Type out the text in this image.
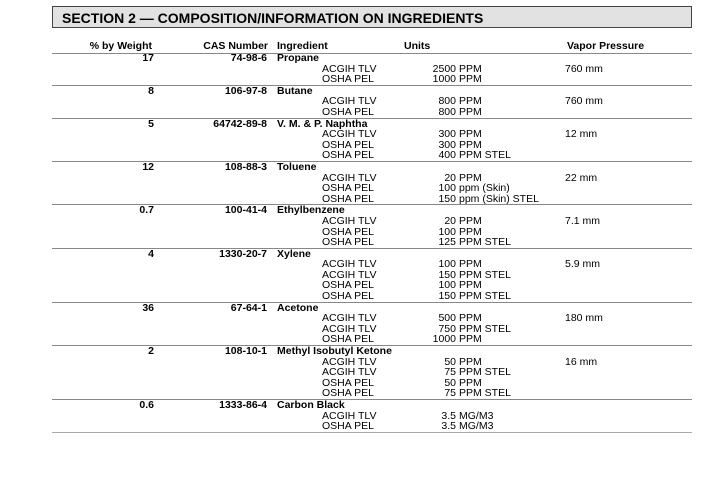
SECTION 2 — COMPOSITION/INFORMATION ON INGREDIENTS
% by Weight	CAS Number Ingredient	Units	Vapor Pressure
17	74-98-6 Propane
ACGIH TLV	2500 PPM	760 mm
OSHA PEL	1000 PPM
8	106-97-8 Butane
ACGIH TLV	800 PPM	760 mm
OSHA PEL	800 PPM
5	64742-89-8 V. M. & P. Naphtha
ACGIH TLV	300 PPM	12 mm
OSHA PEL	300 PPM
OSHA PEL	400 PPM STEL
12	108-88-3 Toluene
ACGIH TLV	20 PPM	22 mm
OSHA PEL	100 ppm (Skin)
OSHA PEL	150 ppm (Skin) STEL
0.7	100-41-4 Ethylbenzene
ACGIH TLV	20 PPM	7.1 mm
OSHA PEL	100 PPM
OSHA PEL	125 PPM STEL
4	1330-20-7 Xylene
ACGIH TLV	100 PPM	5.9 mm
ACGIH TLV	150 PPM STEL
OSHA PEL	100 PPM
OSHA PEL	150 PPM STEL
36	67-64-1 Acetone
ACGIH TLV	500 PPM	180 mm
ACGIH TLV	750 PPM STEL
OSHA PEL	1000 PPM
2	108-10-1 Methyl Isobutyl Ketone
ACGIH TLV	50 PPM	16 mm
ACGIH TLV	75 PPM STEL
OSHA PEL	50 PPM
OSHA PEL	75 PPM STEL
0.6	1333-86-4 Carbon Black
ACGIH TLV	3.5 MG/M3
OSHA PEL	3.5 MG/M3
